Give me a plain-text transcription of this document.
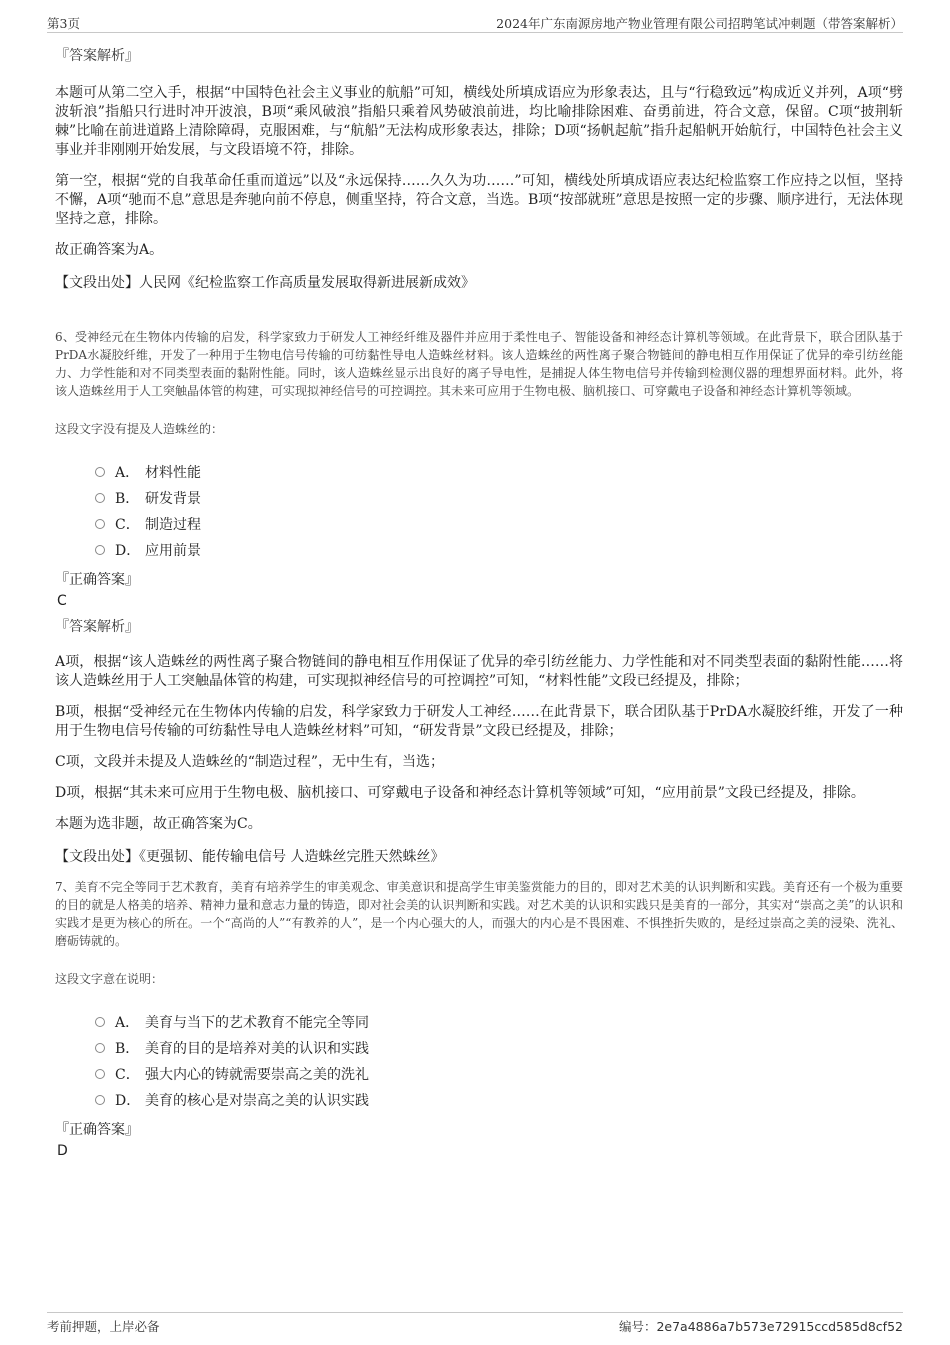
第3页	2024年广东南源房地产物业管理有限公司招聘笔试冲刺题（带答案解析）
『答案解析』

本题可从第二空入手，根据“中国特色社会主义事业的航船”可知，横线处所填成语应为形象表达，且与“行稳致远”构成近义并列，A项“劈波斩浪”指船只行进时冲开波浪，B项“乘风破浪”指船只乘着风势破浪前进，均比喻排除困难、奋勇前进，符合文意，保留。C项“披荆斩棘”比喻在前进道路上清除障碍，克服困难，与“航船”无法构成形象表达，排除；D项“扬帆起航”指升起船帆开始航行，中国特色社会主义事业并非刚刚开始发展，与文段语境不符，排除。

第一空，根据“党的自我革命任重而道远”以及“永远保持……久久为功……”可知，横线处所填成语应表达纪检监察工作应持之以恒，坚持不懈，A项“驰而不息”意思是奔驰向前不停息，侧重坚持，符合文意，当选。B项“按部就班”意思是按照一定的步骤、顺序进行，无法体现坚持之意，排除。

故正确答案为A。

【文段出处】人民网《纪检监察工作高质量发展取得新进展新成效》

6、受神经元在生物体内传输的启发，科学家致力于研发人工神经纤维及器件并应用于柔性电子、智能设备和神经态计算机等领域。在此背景下，联合团队基于PrDA水凝胶纤维，开发了一种用于生物电信号传输的可纺黏性导电人造蛛丝材料。该人造蛛丝的两性离子聚合物链间的静电相互作用保证了优异的牵引纺丝能力、力学性能和对不同类型表面的黏附性能。同时，该人造蛛丝显示出良好的离子导电性，是捕捉人体生物电信号并传输到检测仪器的理想界面材料。此外，将该人造蛛丝用于人工突触晶体管的构建，可实现拟神经信号的可控调控。其未来可应用于生物电极、脑机接口、可穿戴电子设备和神经态计算机等领域。

这段文字没有提及人造蛛丝的：
A． 材料性能
B． 研发背景
C． 制造过程
D． 应用前景
『正确答案』
C
『答案解析』

A项，根据“该人造蛛丝的两性离子聚合物链间的静电相互作用保证了优异的牵引纺丝能力、力学性能和对不同类型表面的黏附性能……将该人造蛛丝用于人工突触晶体管的构建，可实现拟神经信号的可控调控”可知，“材料性能”文段已经提及，排除；

B项，根据“受神经元在生物体内传输的启发，科学家致力于研发人工神经……在此背景下，联合团队基于PrDA水凝胶纤维，开发了一种用于生物电信号传输的可纺黏性导电人造蛛丝材料”可知，“研发背景”文段已经提及，排除；

C项，文段并未提及人造蛛丝的“制造过程”，无中生有，当选；

D项，根据“其未来可应用于生物电极、脑机接口、可穿戴电子设备和神经态计算机等领域”可知，“应用前景”文段已经提及，排除。

本题为选非题，故正确答案为C。

【文段出处】《更强韧、能传输电信号 人造蛛丝完胜天然蛛丝》

7、美育不完全等同于艺术教育，美育有培养学生的审美观念、审美意识和提高学生审美鉴赏能力的目的，即对艺术美的认识判断和实践。美育还有一个极为重要的目的就是人格美的培养、精神力量和意志力量的铸造，即对社会美的认识判断和实践。对艺术美的认识和实践只是美育的一部分，其实对“崇高之美”的认识和实践才是更为核心的所在。一个“高尚的人”“有教养的人”，是一个内心强大的人，而强大的内心是不畏困难、不惧挫折失败的，是经过崇高之美的浸染、洗礼、磨砺铸就的。

这段文字意在说明：
A． 美育与当下的艺术教育不能完全等同
B． 美育的目的是培养对美的认识和实践
C． 强大内心的铸就需要崇高之美的洗礼
D． 美育的核心是对崇高之美的认识实践
『正确答案』
D
考前押题，上岸必备	编号：2e7a4886a7b573e72915ccd585d8cf52
